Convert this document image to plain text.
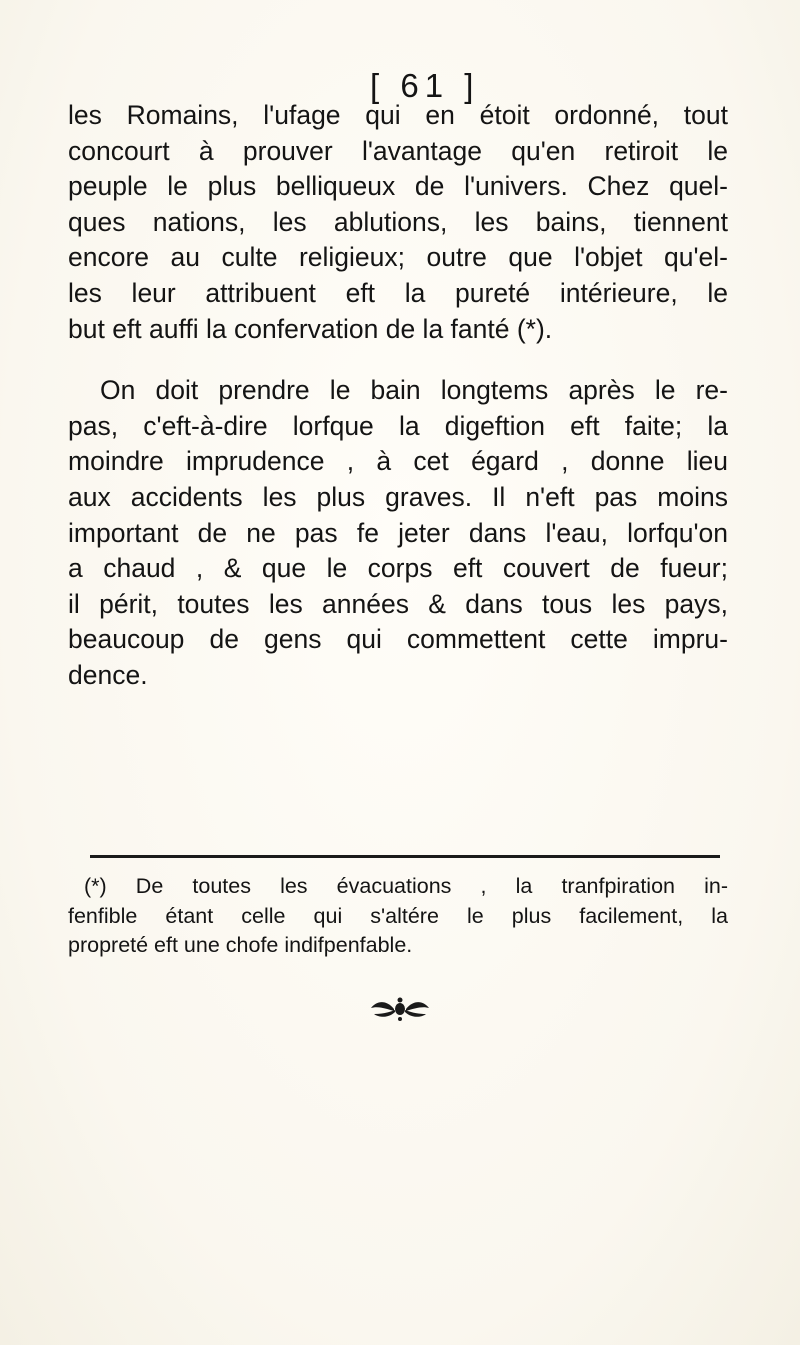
[ 61 ]
les Romains, l'ufage qui en étoit ordonné, tout
concourt à prouver l'avantage qu'en retiroit le
peuple le plus belliqueux de l'univers. Chez quel-
ques nations, les ablutions, les bains, tiennent
encore au culte religieux; outre que l'objet qu'el-
les leur attribuent eft la pureté intérieure, le
but eft auffi la confervation de la fanté (*).
On doit prendre le bain longtems après le re-
pas, c'eft-à-dire lorfque la digeftion eft faite; la
moindre imprudence , à cet égard , donne lieu
aux accidents les plus graves. Il n'eft pas moins
important de ne pas fe jeter dans l'eau, lorfqu'on
a chaud , & que le corps eft couvert de fueur;
il périt, toutes les années & dans tous les pays,
beaucoup de gens qui commettent cette impru-
dence.
(*) De toutes les évacuations , la tranfpiration in-
fenfible étant celle qui s'altére le plus facilement, la
propreté eft une chofe indifpenfable.
